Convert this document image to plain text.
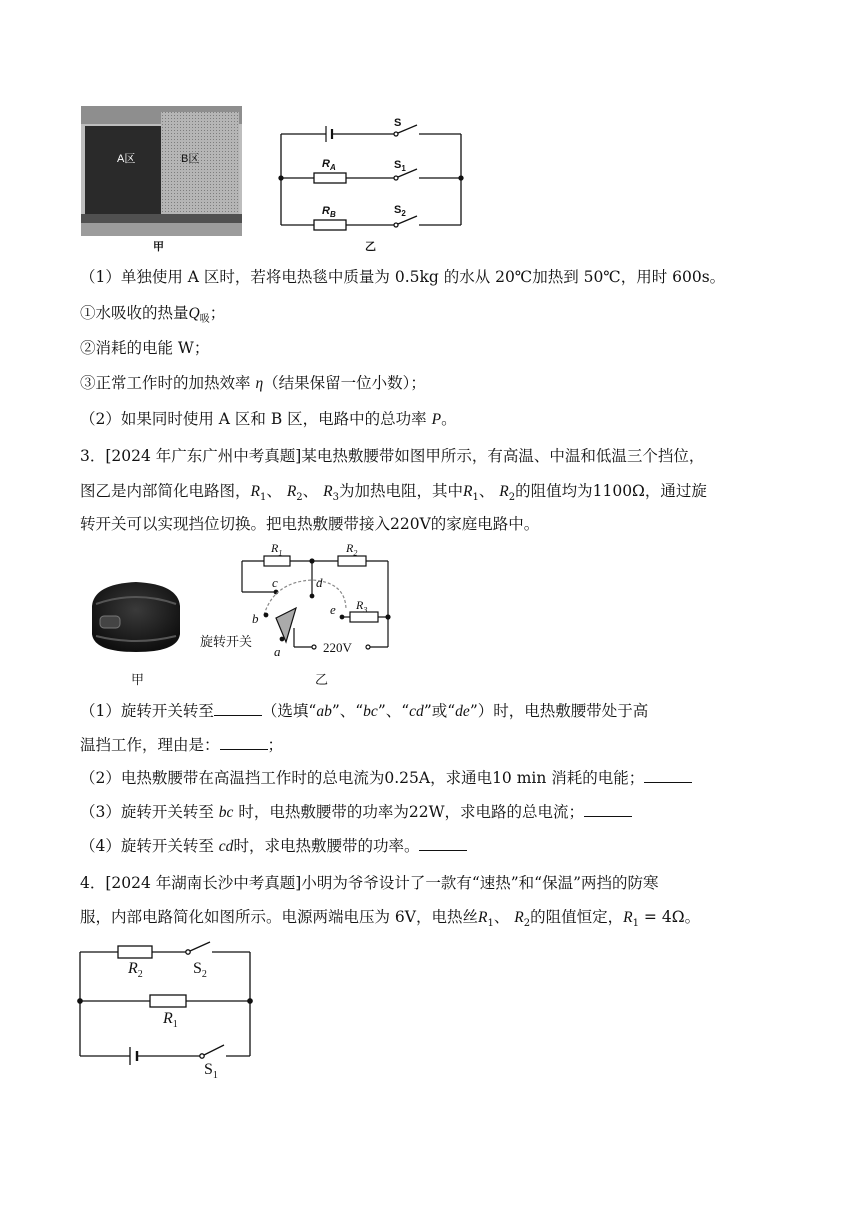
A区	B区
甲
S
$S_1$
$S_2$
$R_A$
$R_B$
乙
（1）单独使用 A 区时，若将电热毯中质量为 0.5kg 的水从 20℃加热到 50℃，用时 600s。
①水吸收的热量$Q_吸$；
②消耗的电能 W；
③正常工作时的加热效率 η（结果保留一位小数）；
（2）如果同时使用 A 区和 B 区，电路中的总功率 P。
3．[2024 年广东广州中考真题]某电热敷腰带如图甲所示，有高温、中温和低温三个挡位，
图乙是内部简化电路图，$R_1$、 $R_2$、 $R_3$为加热电阻，其中$R_1$、 $R_2$的阻值均为1100Ω，通过旋
转开关可以实现挡位切换。把电热敷腰带接入220V的家庭电路中。
甲
$R_1$	$R_2$
$R_3$
c	d
e
b
a
旋转开关	220V
乙
（1）旋转开关转至	（选填“ab”、“bc”、“cd”或“de”）时，电热敷腰带处于高
温挡工作，理由是：	；
（2）电热敷腰带在高温挡工作时的总电流为0.25A，求通电10 min 消耗的电能；
（3）旋转开关转至 bc 时，电热敷腰带的功率为22W，求电路的总电流；
（4）旋转开关转至 cd时，求电热敷腰带的功率。
4．[2024 年湖南长沙中考真题]小明为爷爷设计了一款有“速热”和“保温”两挡的防寒
服，内部电路简化如图所示。电源两端电压为 6V，电热丝$R_1$、 $R_2$的阻值恒定，$R_1 = 4\Omega$。
$R_2$	$S_2$
$R_1$
$S_1$
